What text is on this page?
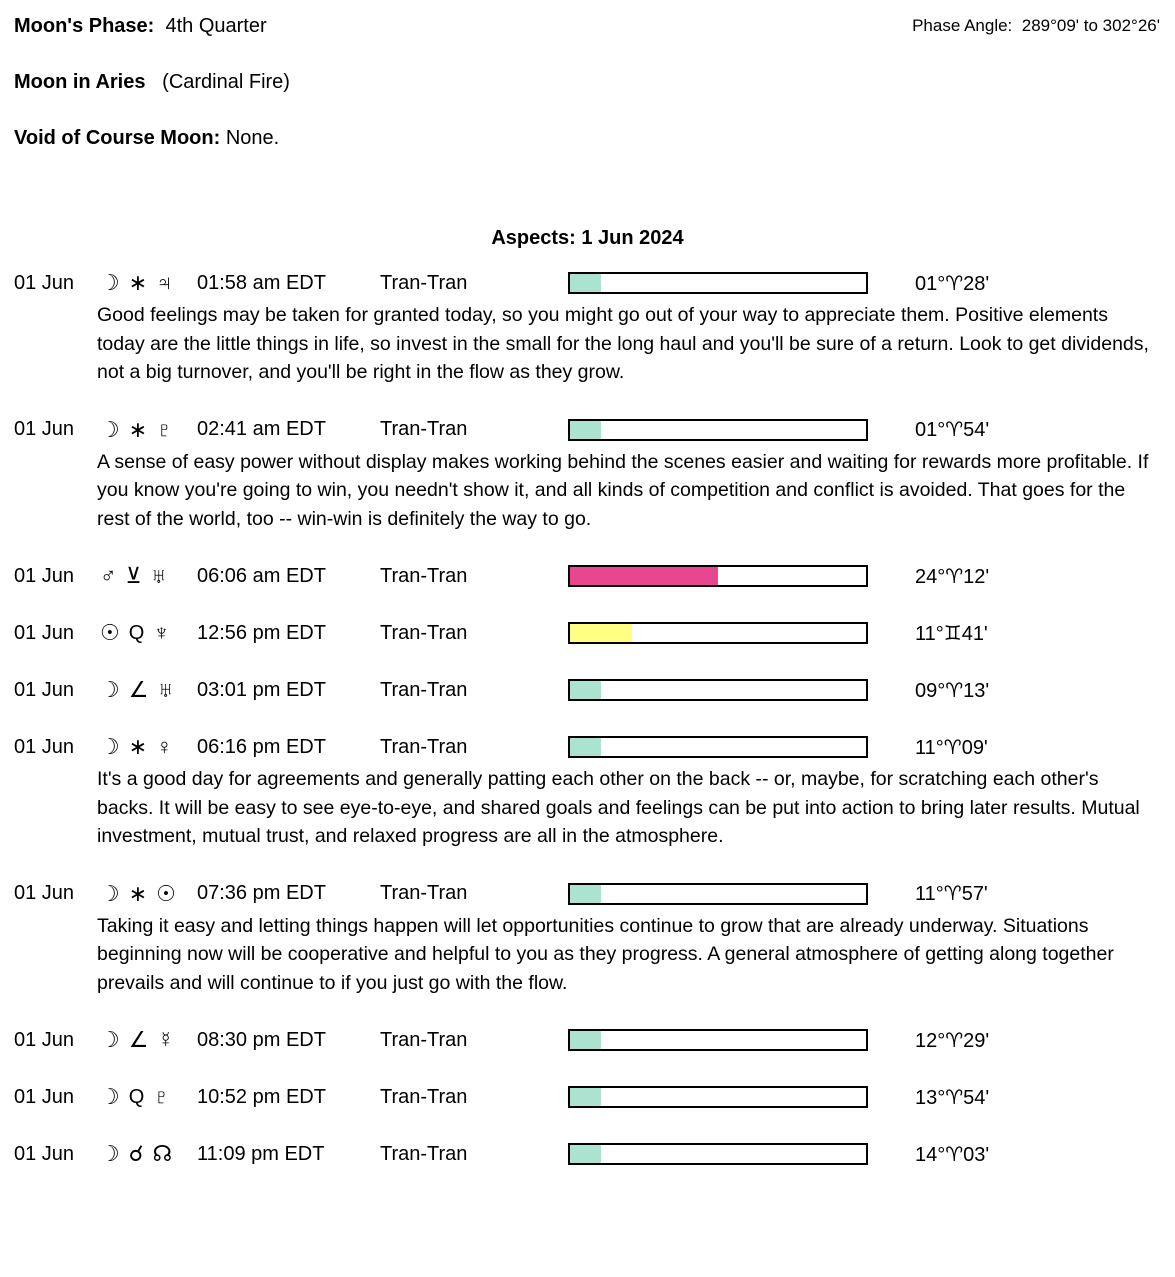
Phase Angle: 289°09' to 302°26'
Moon's Phase: 4th Quarter
Moon in Aries (Cardinal Fire)
Void of Course Moon: None.
Aspects: 1 Jun 2024
01 Jun	☽ ∗ ♃ 01:58 am EDT	Tran-Tran	01°♈28'
Good feelings may be taken for granted today, so you might go out of your way to appreciate them. Positive elements today are the little things in life, so invest in the small for the long haul and you'll be sure of a return. Look to get dividends, not a big turnover, and you'll be right in the flow as they grow.
01 Jun	☽ ∗ ♇ 02:41 am EDT	Tran-Tran	01°♈54'
A sense of easy power without display makes working behind the scenes easier and waiting for rewards more profitable. If you know you're going to win, you needn't show it, and all kinds of competition and conflict is avoided. That goes for the rest of the world, too -- win-win is definitely the way to go.
01 Jun	♂ ⊻ ♅ 06:06 am EDT	Tran-Tran	24°♈12'
01 Jun	☉ Q ♆ 12:56 pm EDT	Tran-Tran	11°♊41'
01 Jun	☽ ∠ ♅ 03:01 pm EDT	Tran-Tran	09°♈13'
01 Jun	☽ ∗ ♀ 06:16 pm EDT	Tran-Tran	11°♈09'
It's a good day for agreements and generally patting each other on the back -- or, maybe, for scratching each other's backs. It will be easy to see eye-to-eye, and shared goals and feelings can be put into action to bring later results. Mutual investment, mutual trust, and relaxed progress are all in the atmosphere.
01 Jun	☽ ∗ ☉ 07:36 pm EDT	Tran-Tran	11°♈57'
Taking it easy and letting things happen will let opportunities continue to grow that are already underway. Situations beginning now will be cooperative and helpful to you as they progress. A general atmosphere of getting along together prevails and will continue to if you just go with the flow.
01 Jun	☽ ∠ ☿ 08:30 pm EDT	Tran-Tran	12°♈29'
01 Jun	☽ Q ♇ 10:52 pm EDT	Tran-Tran	13°♈54'
01 Jun	☽ ☌ ☊ 11:09 pm EDT	Tran-Tran	14°♈03'
